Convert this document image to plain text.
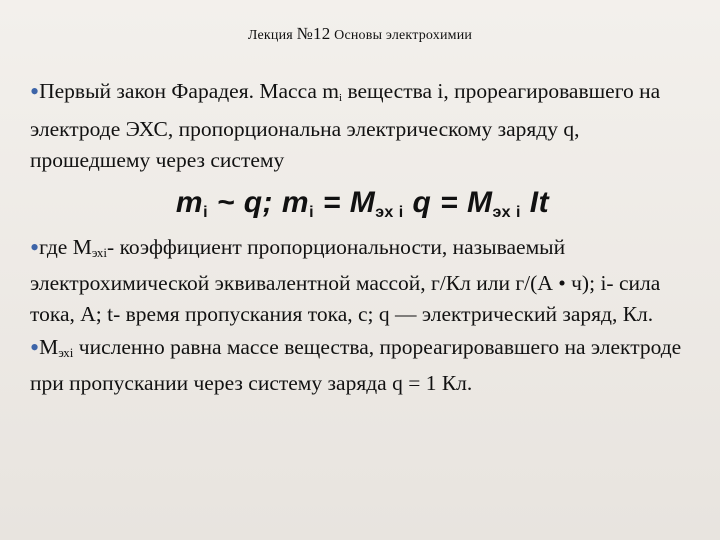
Лекция №12 Основы электрохимии

•Первый закон Фарадея. Масса mi вещества i, прореагировавшего на электроде ЭХС, пропорциональна электрическому заряду q, прошедшему через систему

mi ~ q; mi = Mэх i q = Mэх i It

•где $M_{эхi}-$ коэффициент пропорциональности, называемый электрохимической эквивалентной массой, г/Кл или г/(А • ч); i- сила тока, А; t- время пропускания тока, с; q — электрический заряд, Кл.

$•M_{эхi}$ численно равна массе вещества, прореагировавшего на электроде при пропускании через систему заряда q = 1 Кл.
